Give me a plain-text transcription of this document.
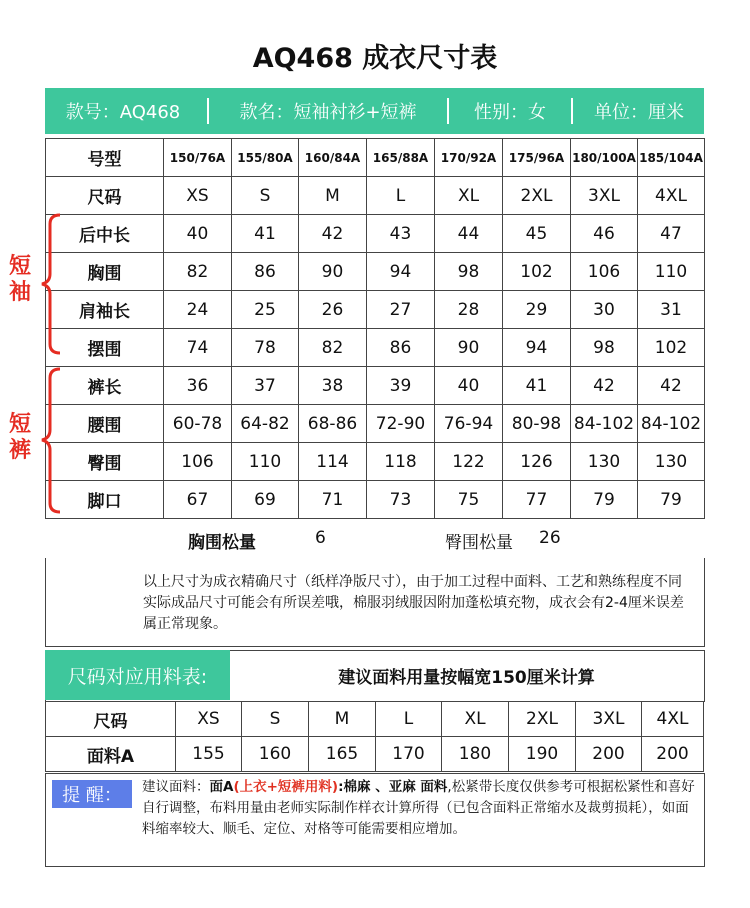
AQ468 成衣尺寸表
款号：AQ468	款名：短袖衬衫+短裤	性别：女	单位：厘米
号型	150/76A	155/80A	160/84A	165/88A	170/92A	175/96A	180/100A	185/104A
尺码	XS	S	M	L	XL	2XL	3XL	4XL
后中长	40	41	42	43	44	45	46	47
胸围	82	86	90	94	98	102	106	110
肩袖长	24	25	26	27	28	29	30	31
摆围	74	78	82	86	90	94	98	102
裤长	36	37	38	39	40	41	42	42
腰围	60-78	64-82	68-86	72-90	76-94	80-98	84-102	84-102
臀围	106	110	114	118	122	126	130	130
脚口	67	69	71	73	75	77	79	79
胸围松量	6	臀围松量 26
以上尺寸为成衣精确尺寸（纸样净版尺寸），由于加工过程中面料、工艺和熟练程度不同实际成品尺寸可能会有所误差哦，棉服羽绒服因附加蓬松填充物，成衣会有2-4厘米误差属正常现象。
尺码对应用料表:	建议面料用量按幅宽150厘米计算
尺码	XS	S	M	L	XL	2XL	3XL	4XL
面料A	155	160	165	170	180	190	200	200
提 醒：	建议面料：面A(上衣+短裤用料):棉麻 、亚麻 面料,松紧带长度仅供参考可根据松紧性和喜好自行调整，布料用量由老师实际制作样衣计算所得（已包含面料正常缩水及裁剪损耗），如面料缩率较大、顺毛、定位、对格等可能需要相应增加。
短袖
短裤
